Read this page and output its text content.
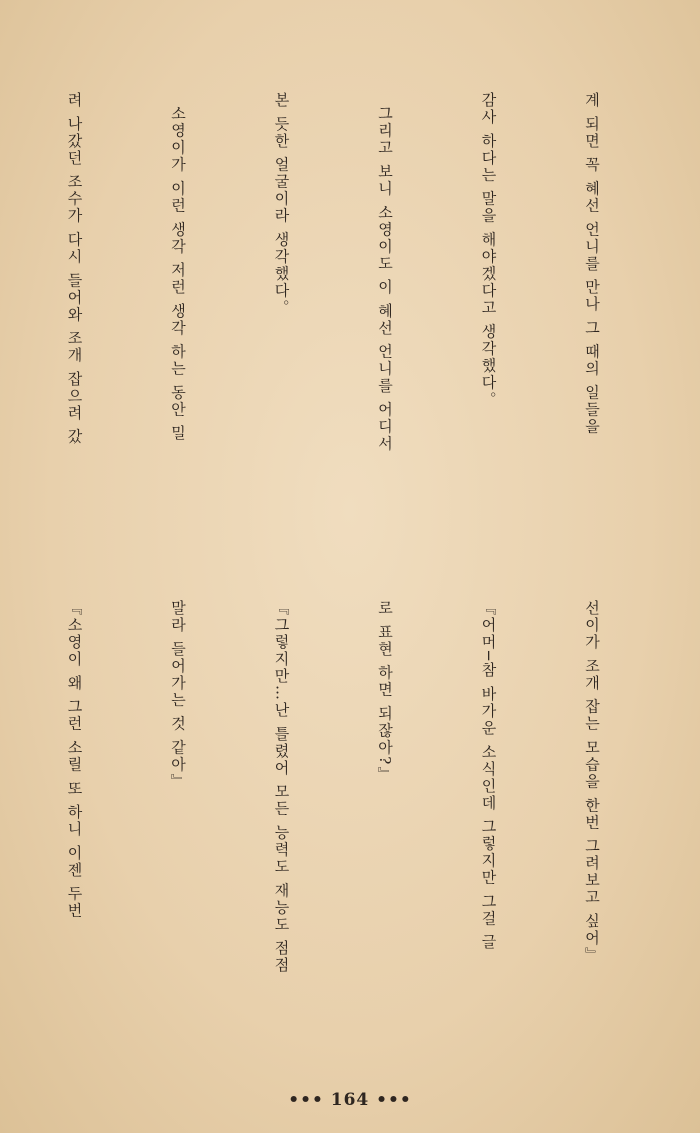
계 되면 꼭 혜선 언니를 만나 그 때의 일들을

감사 하다는 말을 해야겠다고 생각했다。

그리고 보니 소영이도 이 혜선 언니를 어디서

본 듯한 얼굴이라 생각했다。

소영이가 이런 생각 저런 생각 하는 동안 밀

려 나갔던 조수가 다시 들어와 조개 잡으려 갔

선이가 조개 잡는 모습을 한번 그려보고 싶어』

『어머─참 바가운 소식인데 그렇지만 그걸 글

로 표현 하면 되잖아?』

『그렇지만…난 틀렸어 모든 능력도 재능도 점점

말라 들어가는 것 같아』

『소영이 왜 그런 소릴 또 하니 이젠 두번

••• 164 •••
